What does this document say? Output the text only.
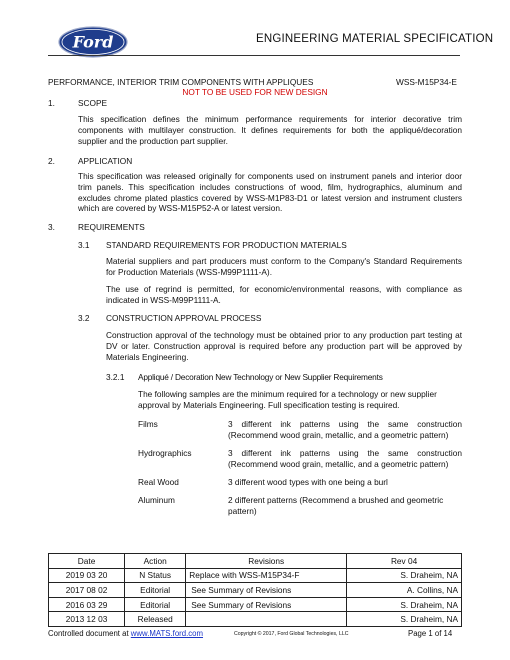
Ford	ENGINEERING MATERIAL SPECIFICATION
PERFORMANCE, INTERIOR TRIM COMPONENTS WITH APPLIQUES	WSS-M15P34-E
NOT TO BE USED FOR NEW DESIGN
1.	SCOPE
This specification defines the minimum performance requirements for interior decorative trim components with multilayer construction. It defines requirements for both the appliqué/decoration supplier and the production part supplier.
2.	APPLICATION
This specification was released originally for components used on instrument panels and interior door trim panels. This specification includes constructions of wood, film, hydrographics, aluminum and excludes chrome plated plastics covered by WSS-M1P83-D1 or latest version and instrument clusters which are covered by WSS-M15P52-A or latest version.
3.	REQUIREMENTS
3.1 STANDARD REQUIREMENTS FOR PRODUCTION MATERIALS
Material suppliers and part producers must conform to the Company's Standard Requirements for Production Materials (WSS-M99P1111-A).
The use of regrind is permitted, for economic/environmental reasons, with compliance as indicated in WSS-M99P1111-A.
3.2 CONSTRUCTION APPROVAL PROCESS
Construction approval of the technology must be obtained prior to any production part testing at DV or later. Construction approval is required before any production part will be approved by Materials Engineering.
3.2.1 Appliqué / Decoration New Technology or New Supplier Requirements
The following samples are the minimum required for a technology or new supplier approval by Materials Engineering. Full specification testing is required.
Films	3 different ink patterns using the same construction (Recommend wood grain, metallic, and a geometric pattern)
Hydrographics	3 different ink patterns using the same construction (Recommend wood grain, metallic, and a geometric pattern)
Real Wood	3 different wood types with one being a burl
Aluminum	2 different patterns (Recommend a brushed and geometric pattern)
Date	Action	Revisions	Rev 04
2019 03 20	N Status	Replace with WSS-M15P34-F	S. Draheim, NA
2017 08 02	Editorial	See Summary of Revisions	A. Collins, NA
2016 03 29	Editorial	See Summary of Revisions	S. Draheim, NA
2013 12 03	Released		S. Draheim, NA
Controlled document at www.MATS.ford.com	Copyright © 2017, Ford Global Technologies, LLC	Page 1 of 14
